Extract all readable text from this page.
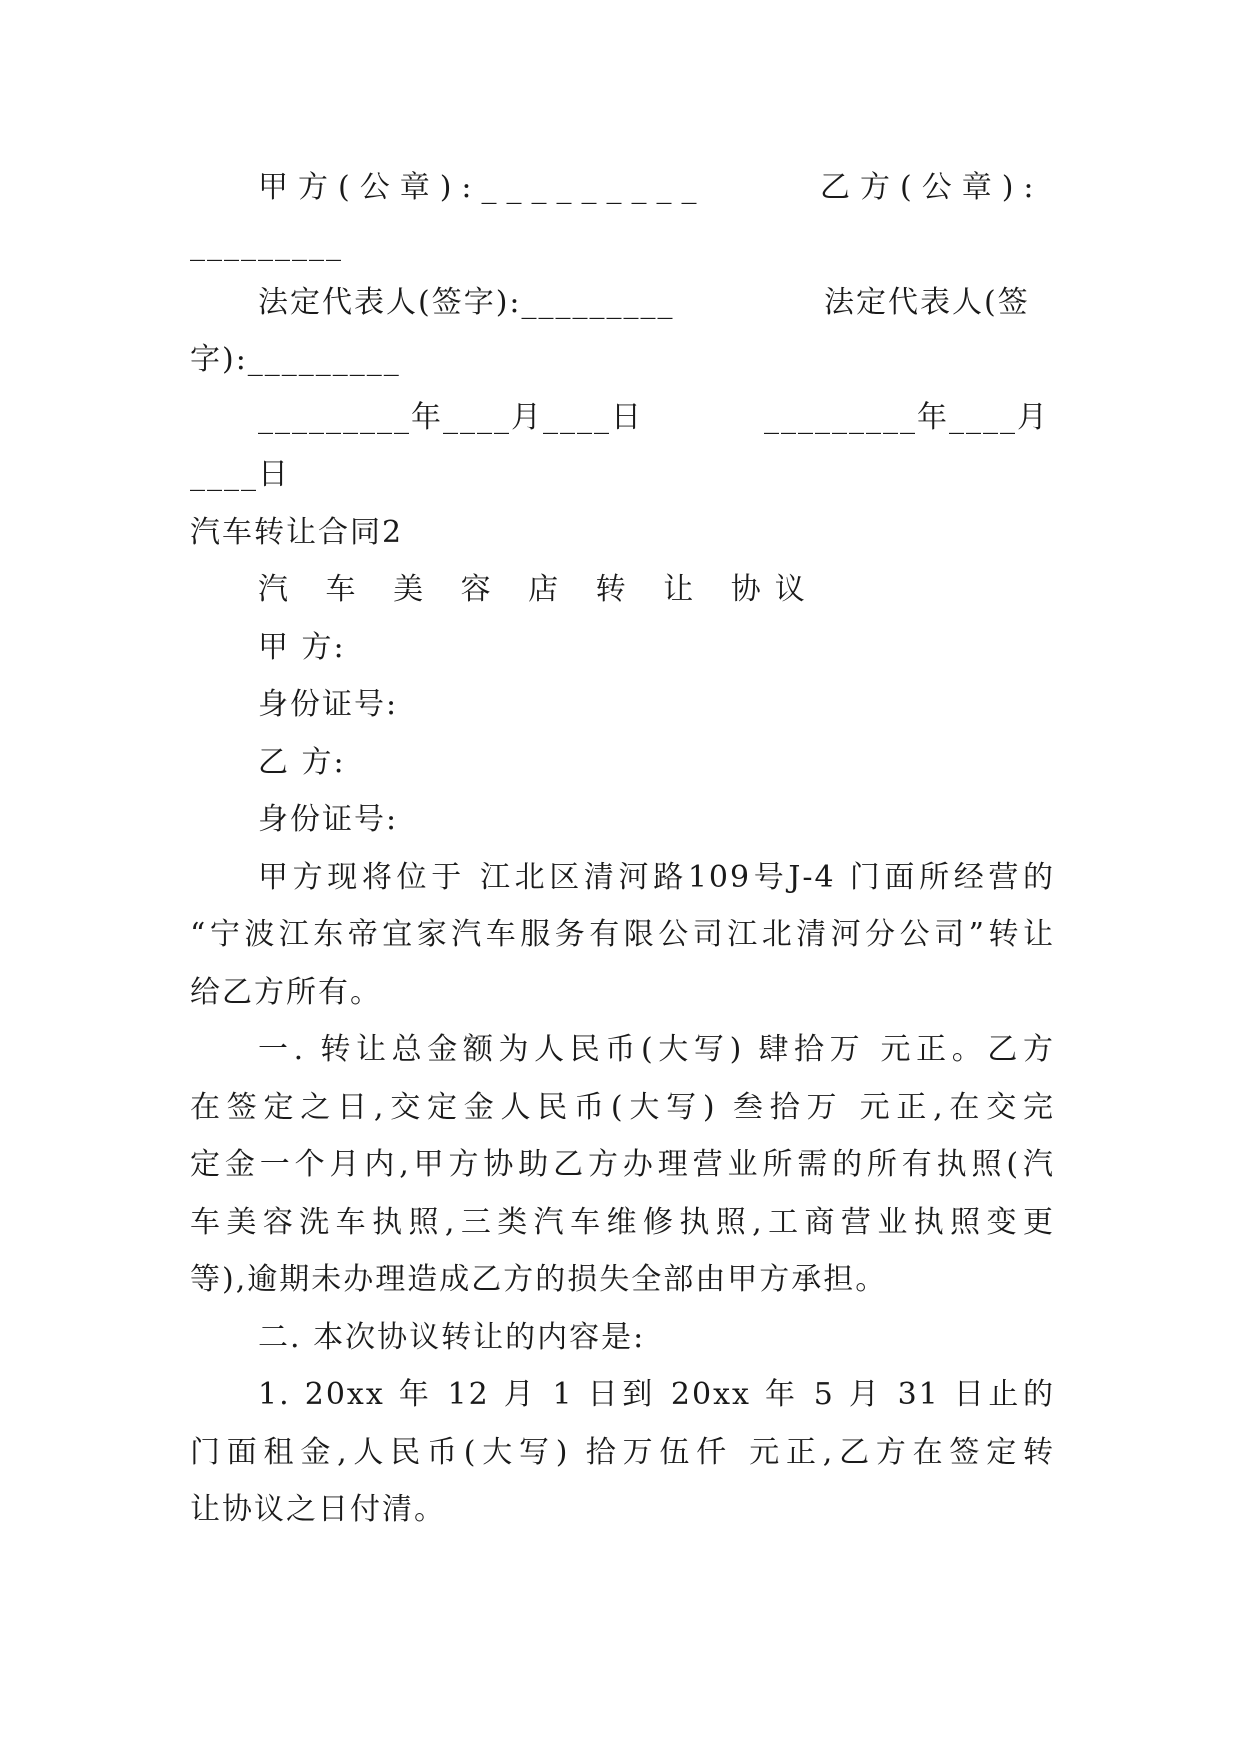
甲方(公章):_________	乙方(公章):
_________
法定代表人(签字):_________	法定代表人(签
字):_________
_________年____月____日	_________年____月
____日
汽车转让合同2
汽 车 美 容 店 转 让 协议
甲 方:
身份证号:
乙 方:
身份证号:
甲方现将位于 江北区清河路109号J-4 门面所经营的
“宁波江东帝宜家汽车服务有限公司江北清河分公司”转让
给乙方所有。
一. 转让总金额为人民币(大写) 肆拾万 元正。乙方
在签定之日,交定金人民币(大写) 叁拾万 元正,在交完
定金一个月内,甲方协助乙方办理营业所需的所有执照(汽
车美容洗车执照,三类汽车维修执照,工商营业执照变更
等),逾期未办理造成乙方的损失全部由甲方承担。
二. 本次协议转让的内容是:
1. 20xx 年 12 月 1 日到 20xx 年 5 月 31 日止的
门面租金,人民币(大写) 拾万伍仟 元正,乙方在签定转
让协议之日付清。
